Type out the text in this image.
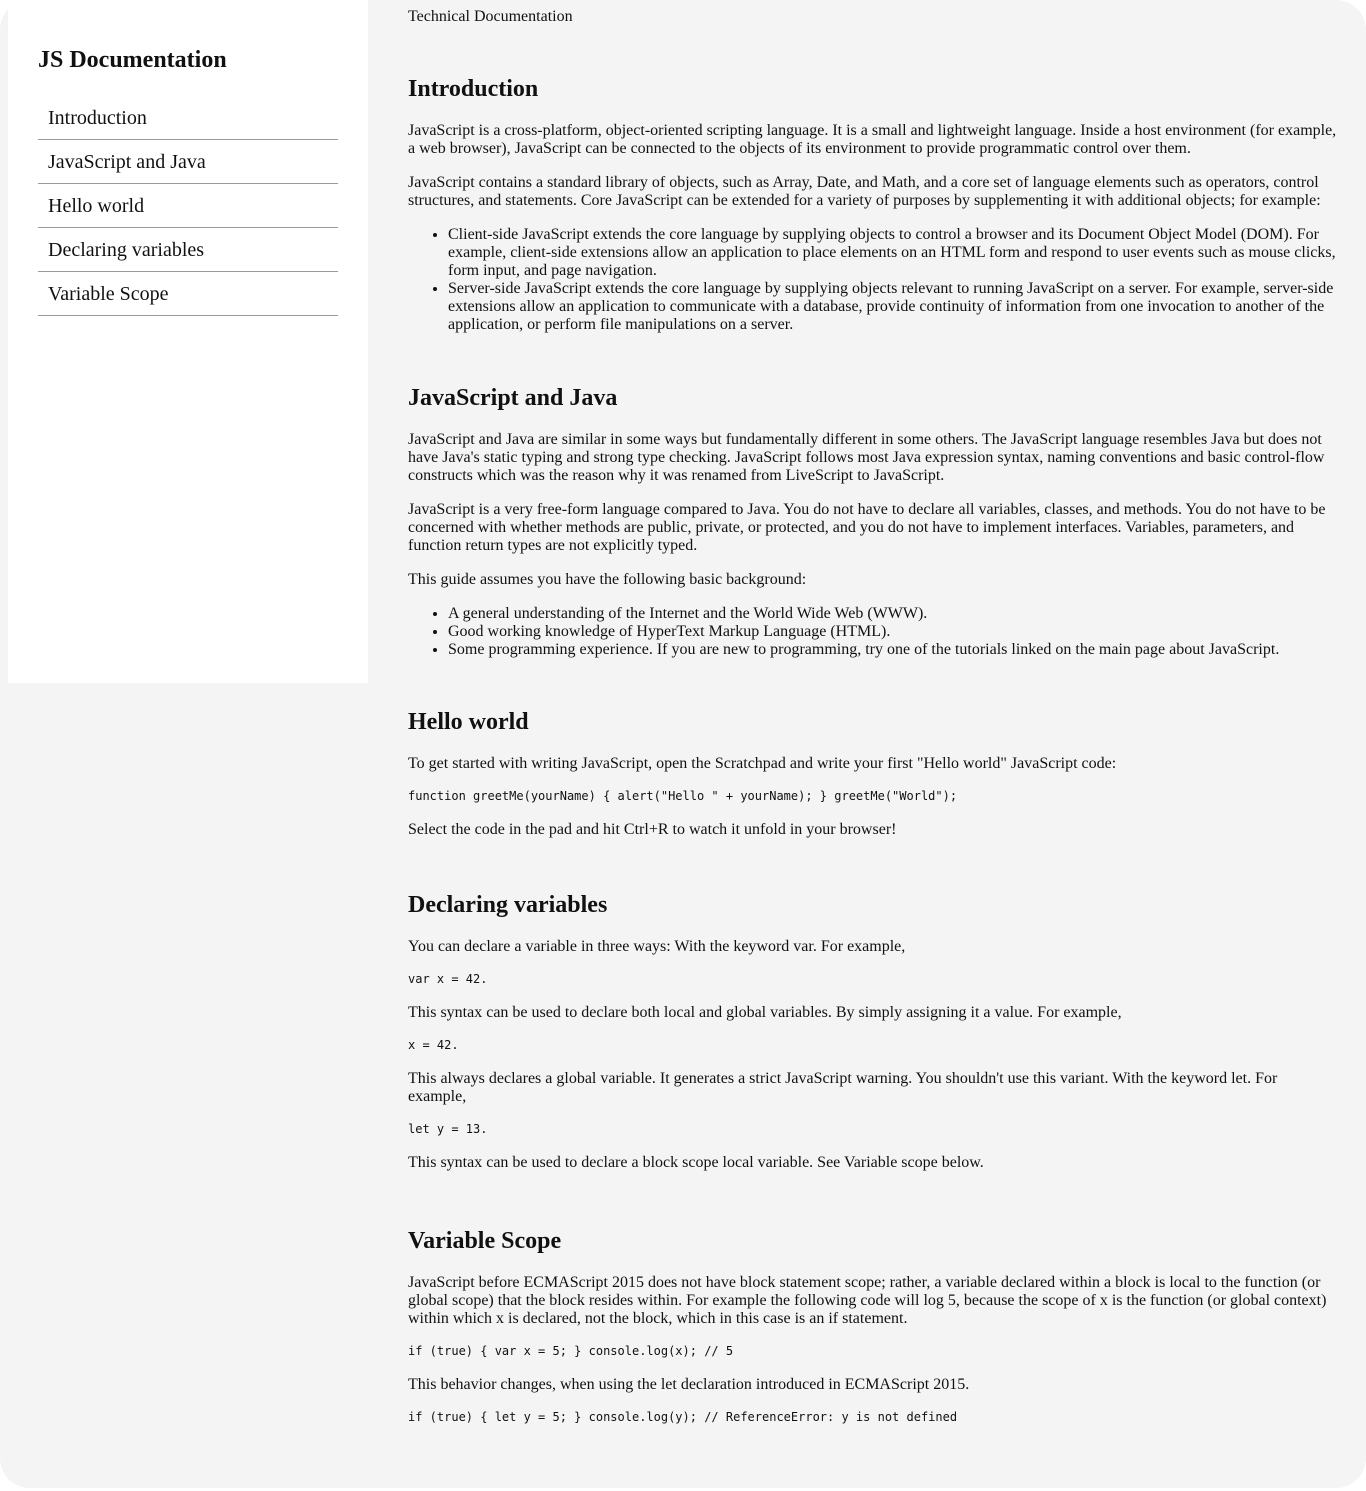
JS Documentation
Introduction
JavaScript and Java
Hello world
Declaring variables
Variable Scope
Technical Documentation
Introduction

JavaScript is a cross-platform, object-oriented scripting language. It is a small and lightweight language. Inside a host environment (for example, a web browser), JavaScript can be connected to the objects of its environment to provide programmatic control over them.

JavaScript contains a standard library of objects, such as Array, Date, and Math, and a core set of language elements such as operators, control structures, and statements. Core JavaScript can be extended for a variety of purposes by supplementing it with additional objects; for example:

• Client-side JavaScript extends the core language by supplying objects to control a browser and its Document Object Model (DOM). For example, client-side extensions allow an application to place elements on an HTML form and respond to user events such as mouse clicks, form input, and page navigation.
• Server-side JavaScript extends the core language by supplying objects relevant to running JavaScript on a server. For example, server-side extensions allow an application to communicate with a database, provide continuity of information from one invocation to another of the application, or perform file manipulations on a server.
JavaScript and Java

JavaScript and Java are similar in some ways but fundamentally different in some others. The JavaScript language resembles Java but does not have Java's static typing and strong type checking. JavaScript follows most Java expression syntax, naming conventions and basic control-flow constructs which was the reason why it was renamed from LiveScript to JavaScript.

JavaScript is a very free-form language compared to Java. You do not have to declare all variables, classes, and methods. You do not have to be concerned with whether methods are public, private, or protected, and you do not have to implement interfaces. Variables, parameters, and function return types are not explicitly typed.

This guide assumes you have the following basic background:

• A general understanding of the Internet and the World Wide Web (WWW).
• Good working knowledge of HyperText Markup Language (HTML).
• Some programming experience. If you are new to programming, try one of the tutorials linked on the main page about JavaScript.
Hello world

To get started with writing JavaScript, open the Scratchpad and write your first "Hello world" JavaScript code:

function greetMe(yourName) { alert("Hello " + yourName); } greetMe("World");

Select the code in the pad and hit Ctrl+R to watch it unfold in your browser!

Declaring variables

You can declare a variable in three ways: With the keyword var. For example,

var x = 42.

This syntax can be used to declare both local and global variables. By simply assigning it a value. For example,

x = 42.

This always declares a global variable. It generates a strict JavaScript warning. You shouldn't use this variant. With the keyword let. For example,

let y = 13.

This syntax can be used to declare a block scope local variable. See Variable scope below.

Variable Scope

JavaScript before ECMAScript 2015 does not have block statement scope; rather, a variable declared within a block is local to the function (or global scope) that the block resides within. For example the following code will log 5, because the scope of x is the function (or global context) within which x is declared, not the block, which in this case is an if statement.

if (true) { var x = 5; } console.log(x); // 5

This behavior changes, when using the let declaration introduced in ECMAScript 2015.

if (true) { let y = 5; } console.log(y); // ReferenceError: y is not defined
